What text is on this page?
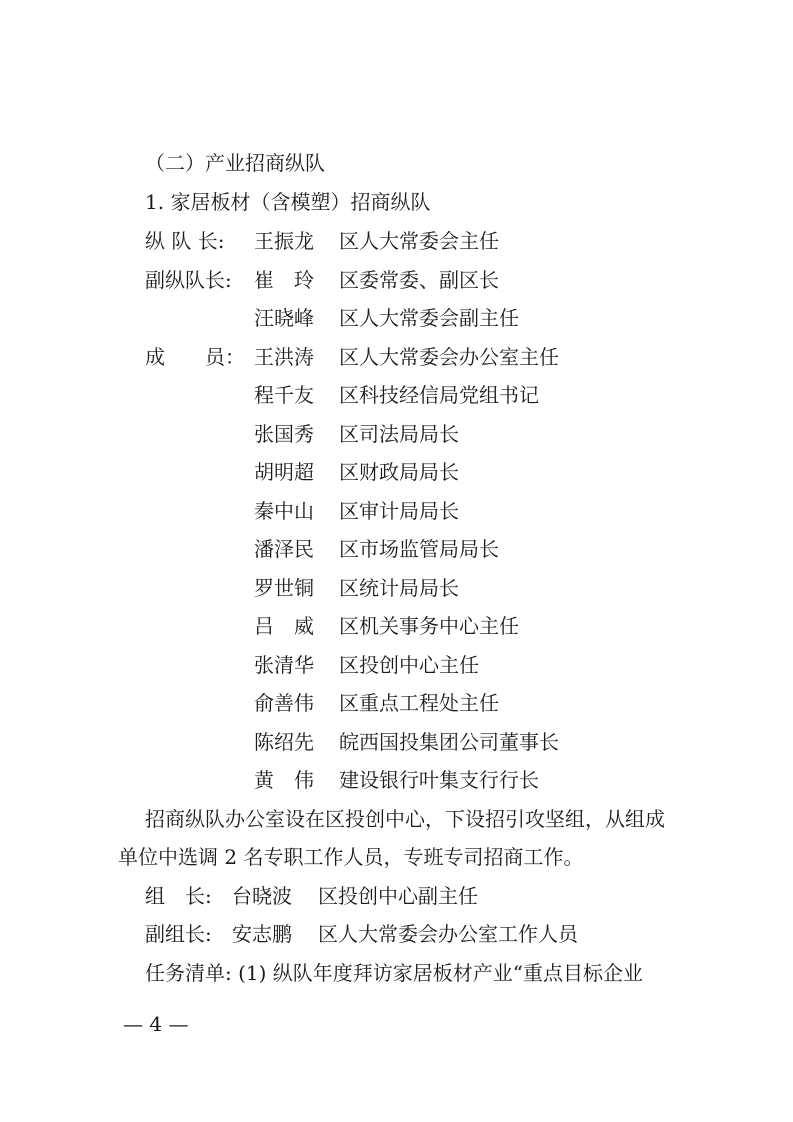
（二）产业招商纵队
1. 家居板材（含模塑）招商纵队
纵 队 长:	王振龙 区人大常委会主任
副纵队长:	崔　玲 区委常委、副区长
汪晓峰 区人大常委会副主任
成　　员： 王洪涛 区人大常委会办公室主任
程千友 区科技经信局党组书记
张国秀 区司法局局长
胡明超 区财政局局长
秦中山 区审计局局长
潘泽民 区市场监管局局长
罗世铜 区统计局局长
吕　威 区机关事务中心主任
张清华 区投创中心主任
俞善伟 区重点工程处主任
陈绍先 皖西国投集团公司董事长
黄　伟 建设银行叶集支行行长
招商纵队办公室设在区投创中心，下设招引攻坚组，从组成
单位中选调 2 名专职工作人员，专班专司招商工作。
组　长: 台晓波 区投创中心副主任
副组长: 安志鹏 区人大常委会办公室工作人员
任务清单: (1) 纵队年度拜访家居板材产业“重点目标企业
— 4 —
